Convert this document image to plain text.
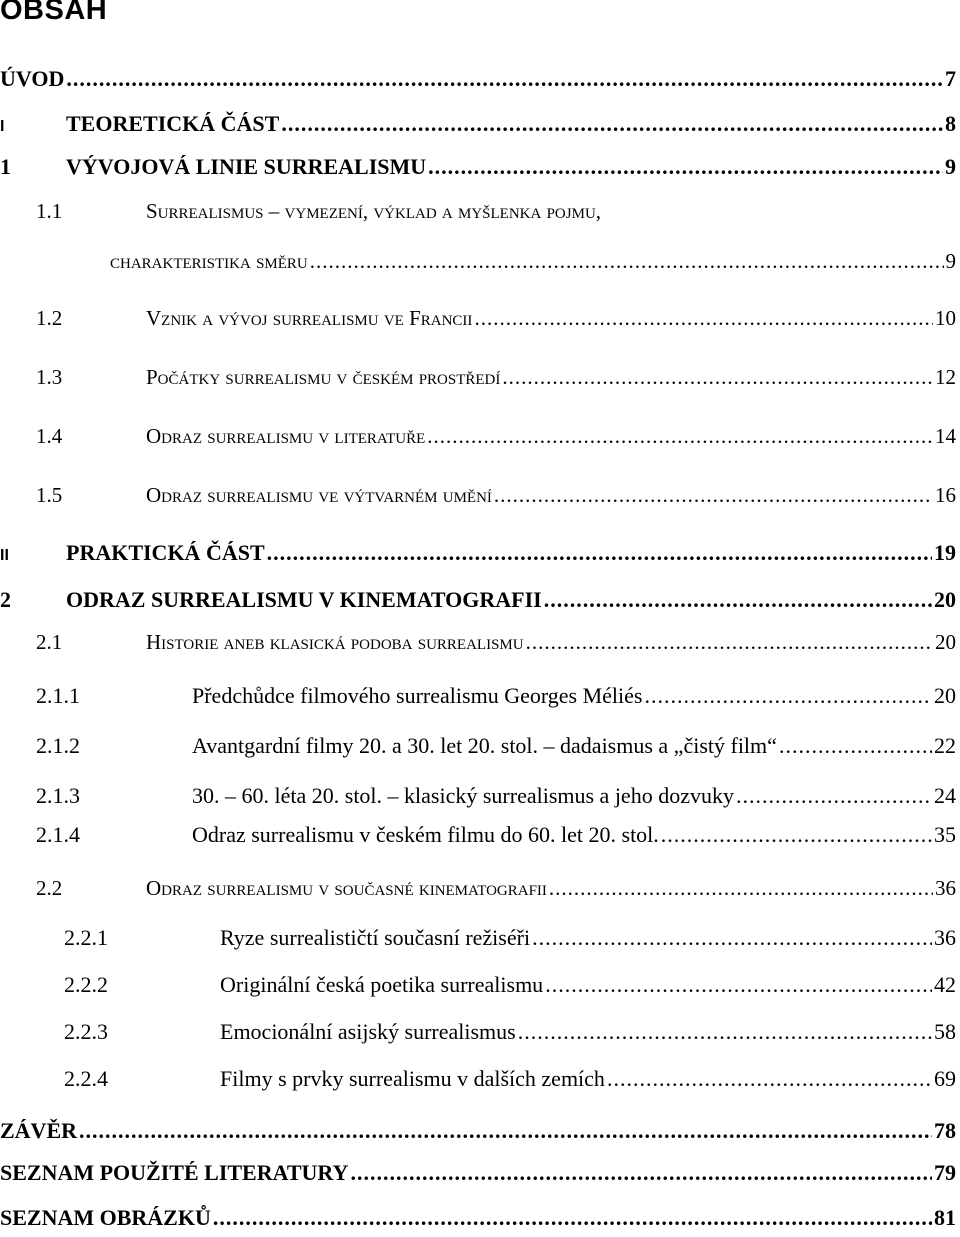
OBSAH
ÚVOD .....	7
I	TEORETICKÁ ČÁST .....	8
1	VÝVOJOVÁ LINIE SURREALISMU .....	9
1.1	Surrealismus – vymezení, výklad a myšlenka pojmu,
charakteristika směru .....	9
1.2	Vznik a vývoj surrealismu ve Francii .....	10
1.3	Počátky surrealismu v českém prostředí .....	12
1.4	Odraz surrealismu v literatuře .....	14
1.5	Odraz surrealismu ve výtvarném umění .....	16
II	PRAKTICKÁ ČÁST .....	19
2	ODRAZ SURREALISMU V KINEMATOGRAFII .....	20
2.1	Historie aneb klasická podoba surrealismu .....	20
2.1.1	Předchůdce filmového surrealismu Georges Méliés .....	20
2.1.2	Avantgardní filmy 20. a 30. let 20. stol. – dadaismus a „čistý film“ .....	22
2.1.3	30. – 60. léta 20. stol. – klasický surrealismus a jeho dozvuky .....	24
2.1.4	Odraz surrealismu v českém filmu do 60. let 20. stol. .....	35
2.2	Odraz surrealismu v současné kinematografii .....	36
2.2.1	Ryze surrealističtí současní režiséři .....	36
2.2.2	Originální česká poetika surrealismu .....	42
2.2.3	Emocionální asijský surrealismus .....	58
2.2.4	Filmy s prvky surrealismu v dalších zemích .....	69
ZÁVĚR .....	78
SEZNAM POUŽITÉ LITERATURY .....	79
SEZNAM OBRÁZKŮ .....	81
